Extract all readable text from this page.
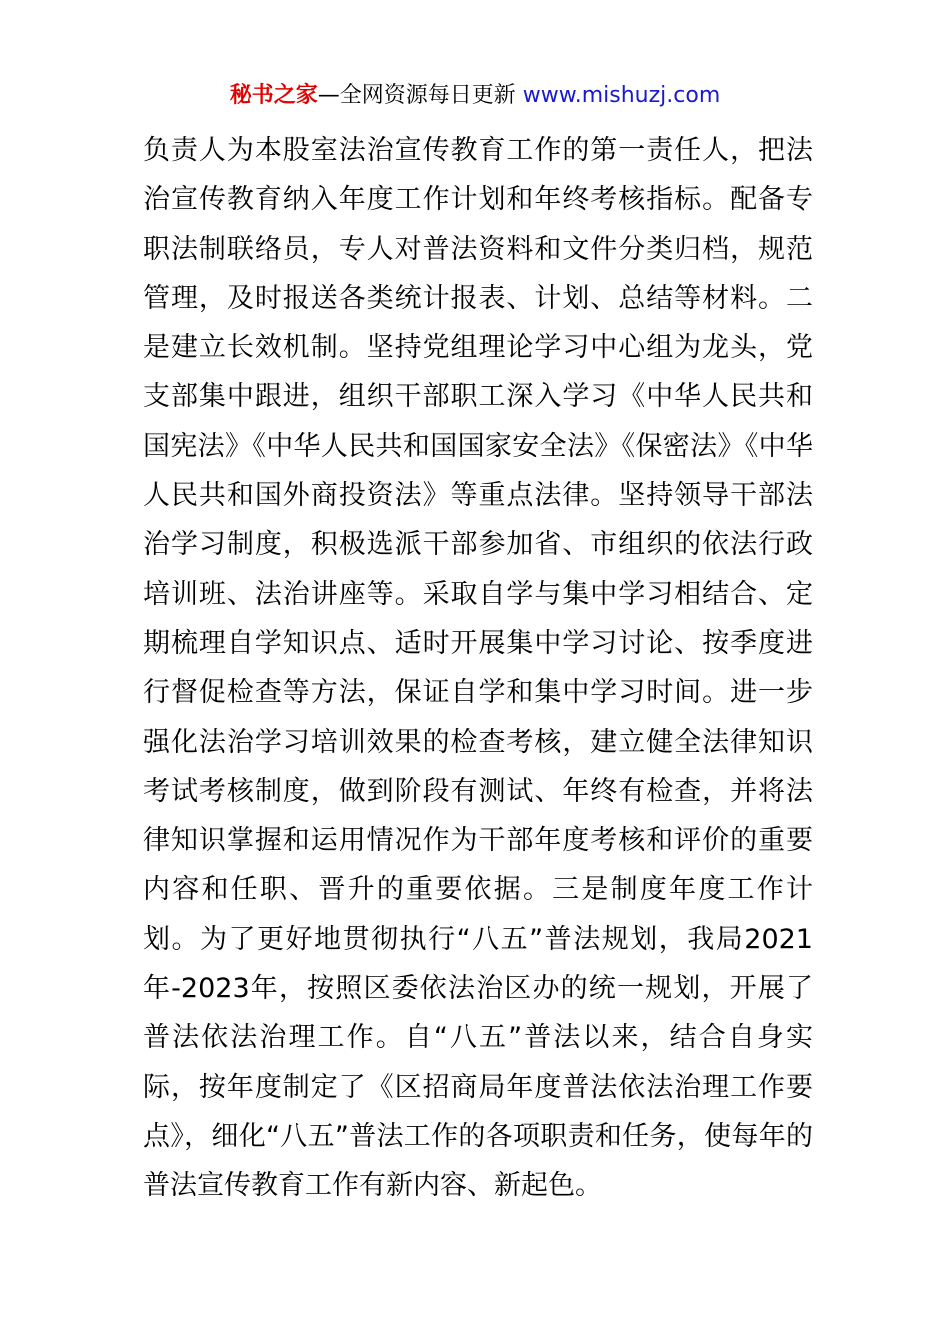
秘书之家—全网资源每日更新 www.mishuzj.com

负责人为本股室法治宣传教育工作的第一责任人，把法治宣传教育纳入年度工作计划和年终考核指标。配备专职法制联络员，专人对普法资料和文件分类归档，规范管理，及时报送各类统计报表、计划、总结等材料。二是建立长效机制。坚持党组理论学习中心组为龙头，党支部集中跟进，组织干部职工深入学习《中华人民共和国宪法》《中华人民共和国国家安全法》《保密法》《中华人民共和国外商投资法》等重点法律。坚持领导干部法治学习制度，积极选派干部参加省、市组织的依法行政培训班、法治讲座等。采取自学与集中学习相结合、定期梳理自学知识点、适时开展集中学习讨论、按季度进行督促检查等方法，保证自学和集中学习时间。进一步强化法治学习培训效果的检查考核，建立健全法律知识考试考核制度，做到阶段有测试、年终有检查，并将法律知识掌握和运用情况作为干部年度考核和评价的重要内容和任职、晋升的重要依据。三是制度年度工作计划。为了更好地贯彻执行“八五”普法规划，我局2021年-2023年，按照区委依法治区办的统一规划，开展了普法依法治理工作。自“八五”普法以来，结合自身实际，按年度制定了《区招商局年度普法依法治理工作要点》，细化“八五”普法工作的各项职责和任务，使每年的普法宣传教育工作有新内容、新起色。
